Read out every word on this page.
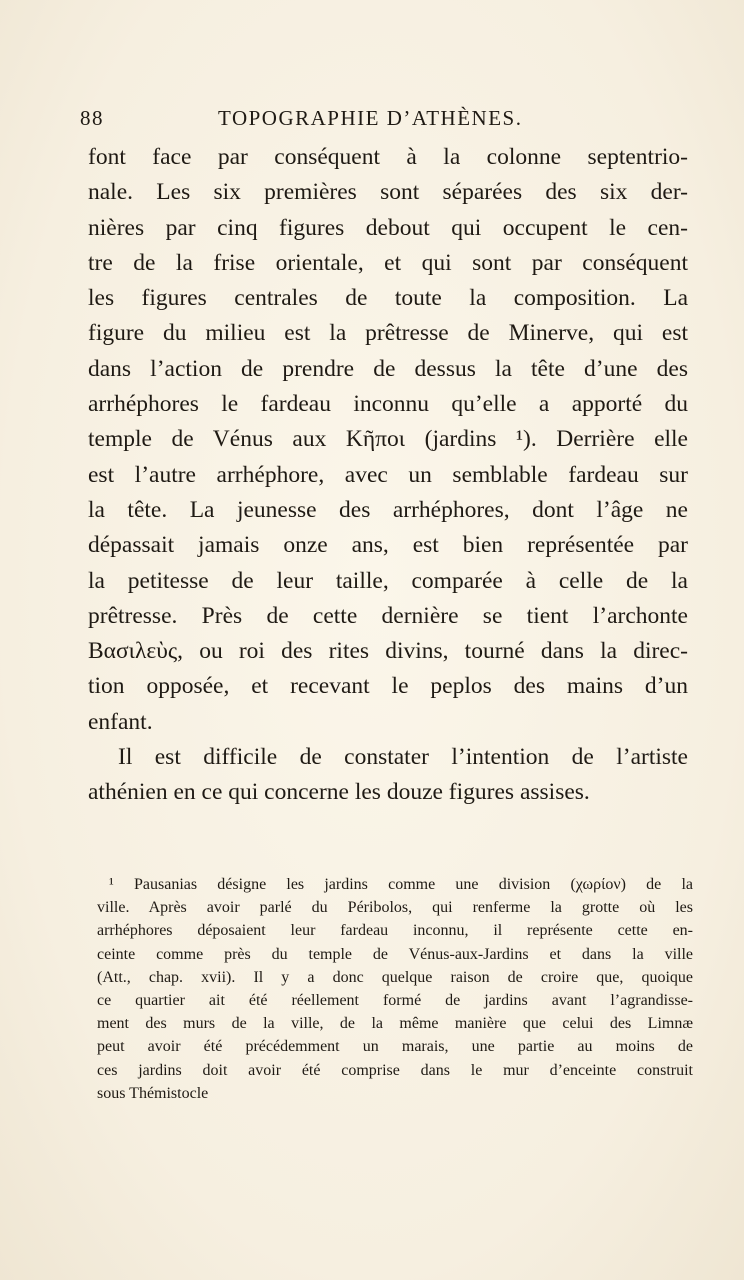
88	TOPOGRAPHIE D’ATHÈNES.
font face par conséquent à la colonne septentrio-
nale. Les six premières sont séparées des six der-
nières par cinq figures debout qui occupent le cen-
tre de la frise orientale, et qui sont par conséquent
les figures centrales de toute la composition. La
figure du milieu est la prêtresse de Minerve, qui est
dans l’action de prendre de dessus la tête d’une des
arrhéphores le fardeau inconnu qu’elle a apporté du
temple de Vénus aux Κῆποι (jardins ¹). Derrière elle
est l’autre arrhéphore, avec un semblable fardeau sur
la tête. La jeunesse des arrhéphores, dont l’âge ne
dépassait jamais onze ans, est bien représentée par
la petitesse de leur taille, comparée à celle de la
prêtresse. Près de cette dernière se tient l’archonte
Βασιλεὺς, ou roi des rites divins, tourné dans la direc-
tion opposée, et recevant le peplos des mains d’un
enfant.
Il est difficile de constater l’intention de l’artiste
athénien en ce qui concerne les douze figures assises.
¹ Pausanias désigne les jardins comme une division (χωρίον) de la
ville. Après avoir parlé du Péribolos, qui renferme la grotte où les
arrhéphores déposaient leur fardeau inconnu, il représente cette en-
ceinte comme près du temple de Vénus-aux-Jardins et dans la ville
(Att., chap. xvii). Il y a donc quelque raison de croire que, quoique
ce quartier ait été réellement formé de jardins avant l’agrandisse-
ment des murs de la ville, de la même manière que celui des Limnæ
peut avoir été précédemment un marais, une partie au moins de
ces jardins doit avoir été comprise dans le mur d’enceinte construit
sous Thémistocle
